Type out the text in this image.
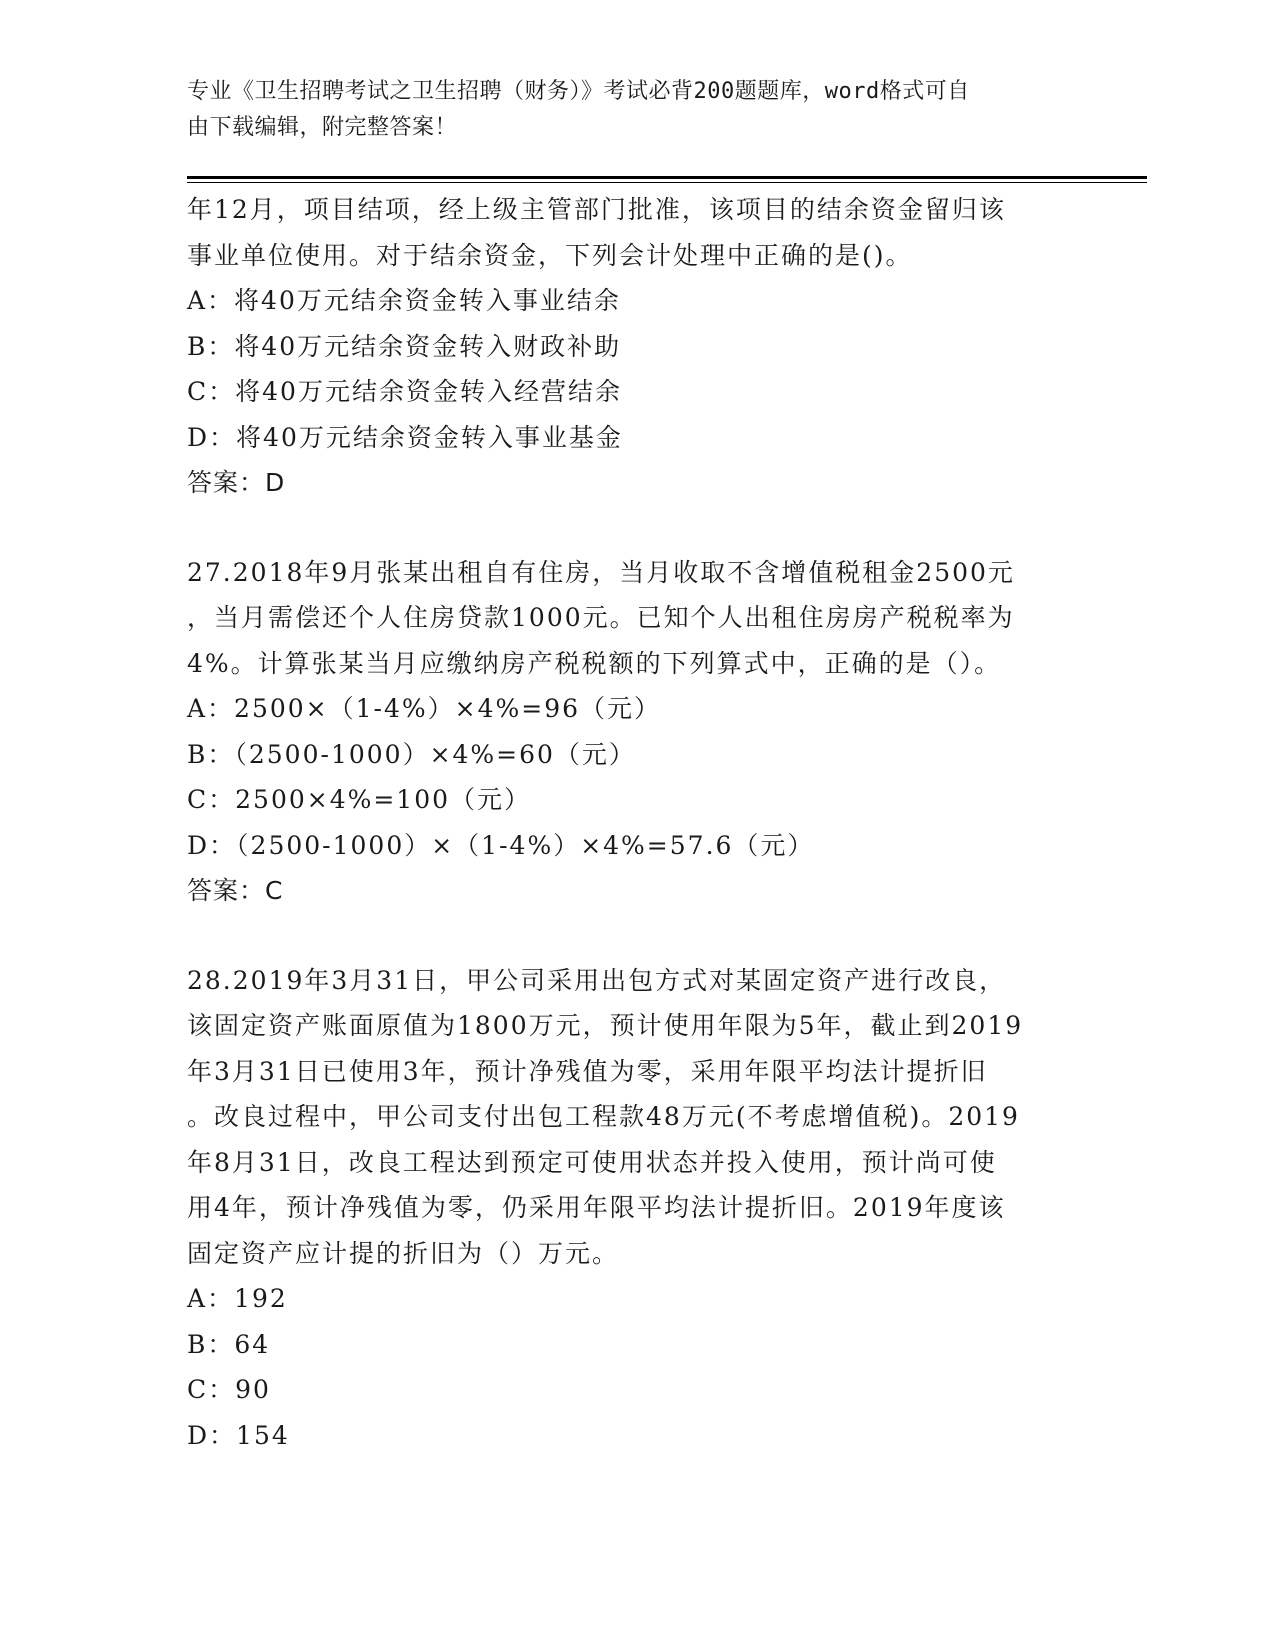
专业《卫生招聘考试之卫生招聘（财务）》考试必背200题题库，word格式可自
由下载编辑，附完整答案！
年12月，项目结项，经上级主管部门批准，该项目的结余资金留归该
事业单位使用。对于结余资金，下列会计处理中正确的是()。
A：将40万元结余资金转入事业结余
B：将40万元结余资金转入财政补助
C：将40万元结余资金转入经营结余
D：将40万元结余资金转入事业基金
答案：D
27.2018年9月张某出租自有住房，当月收取不含增值税租金2500元
，当月需偿还个人住房贷款1000元。已知个人出租住房房产税税率为
4%。计算张某当月应缴纳房产税税额的下列算式中，正确的是（）。
A：2500×（1-4%）×4%=96（元）
B：（2500-1000）×4%=60（元）
C：2500×4%=100（元）
D：（2500-1000）×（1-4%）×4%=57.6（元）
答案：C
28.2019年3月31日，甲公司采用出包方式对某固定资产进行改良，
该固定资产账面原值为1800万元，预计使用年限为5年，截止到2019
年3月31日已使用3年，预计净残值为零，采用年限平均法计提折旧
。改良过程中，甲公司支付出包工程款48万元(不考虑增值税)。2019
年8月31日，改良工程达到预定可使用状态并投入使用，预计尚可使
用4年，预计净残值为零，仍采用年限平均法计提折旧。2019年度该
固定资产应计提的折旧为（）万元。
A：192
B：64
C：90
D：154
